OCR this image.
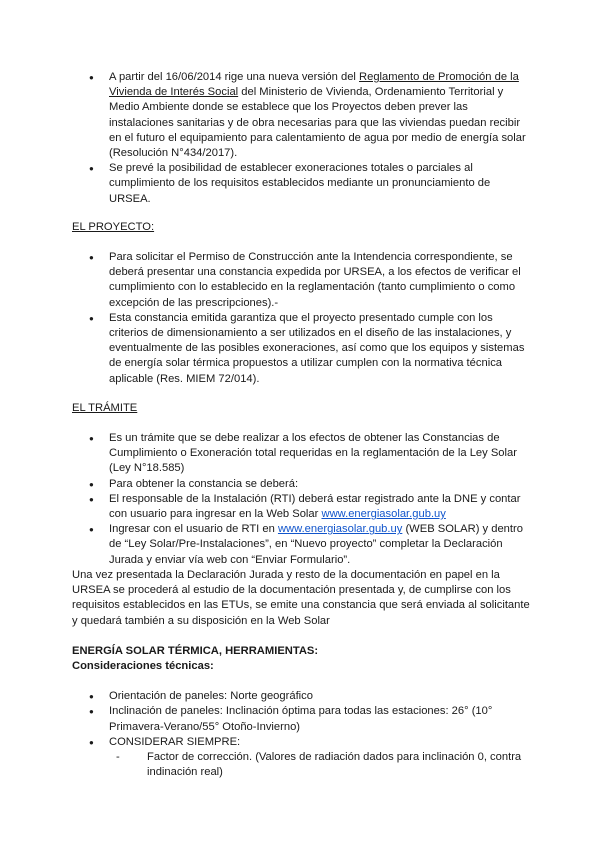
● A partir del 16/06/2014 rige una nueva versión del Reglamento de Promoción de la Vivienda de Interés Social del Ministerio de Vivienda, Ordenamiento Territorial y Medio Ambiente donde se establece que los Proyectos deben prever las instalaciones sanitarias y de obra necesarias para que las viviendas puedan recibir en el futuro el equipamiento para calentamiento de agua por medio de energía solar (Resolución N°434/2017).
● Se prevé la posibilidad de establecer exoneraciones totales o parciales al cumplimiento de los requisitos establecidos mediante un pronunciamiento de URSEA.

EL PROYECTO:

● Para solicitar el Permiso de Construcción ante la Intendencia correspondiente, se deberá presentar una constancia expedida por URSEA, a los efectos de verificar el cumplimiento con lo establecido en la reglamentación (tanto cumplimiento o como excepción de las prescripciones).-
● Esta constancia emitida garantiza que el proyecto presentado cumple con los criterios de dimensionamiento a ser utilizados en el diseño de las instalaciones, y eventualmente de las posibles exoneraciones, así como que los equipos y sistemas de energía solar térmica propuestos a utilizar cumplen con la normativa técnica aplicable (Res. MIEM 72/014).

EL TRÁMITE

● Es un trámite que se debe realizar a los efectos de obtener las Constancias de Cumplimiento o Exoneración total requeridas en la reglamentación de la Ley Solar (Ley N°18.585)
● Para obtener la constancia se deberá:
● El responsable de la Instalación (RTI) deberá estar registrado ante la DNE y contar con usuario para ingresar en la Web Solar www.energiasolar.gub.uy
● Ingresar con el usuario de RTI en www.energiasolar.gub.uy (WEB SOLAR) y dentro de “Ley Solar/Pre-Instalaciones”, en “Nuevo proyecto” completar la Declaración Jurada y enviar vía web con “Enviar Formulario”.

Una vez presentada la Declaración Jurada y resto de la documentación en papel en la URSEA se procederá al estudio de la documentación presentada y, de cumplirse con los requisitos establecidos en las ETUs, se emite una constancia que será enviada al solicitante y quedará también a su disposición en la Web Solar

ENERGÍA SOLAR TÉRMICA, HERRAMIENTAS:

Consideraciones técnicas:

● Orientación de paneles: Norte geográfico
● Inclinación de paneles: Inclinación óptima para todas las estaciones: 26° (10° Primavera-Verano/55° Otoño-Invierno)
● CONSIDERAR SIEMPRE:
- Factor de corrección. (Valores de radiación dados para inclinación 0, contra indinación real)
